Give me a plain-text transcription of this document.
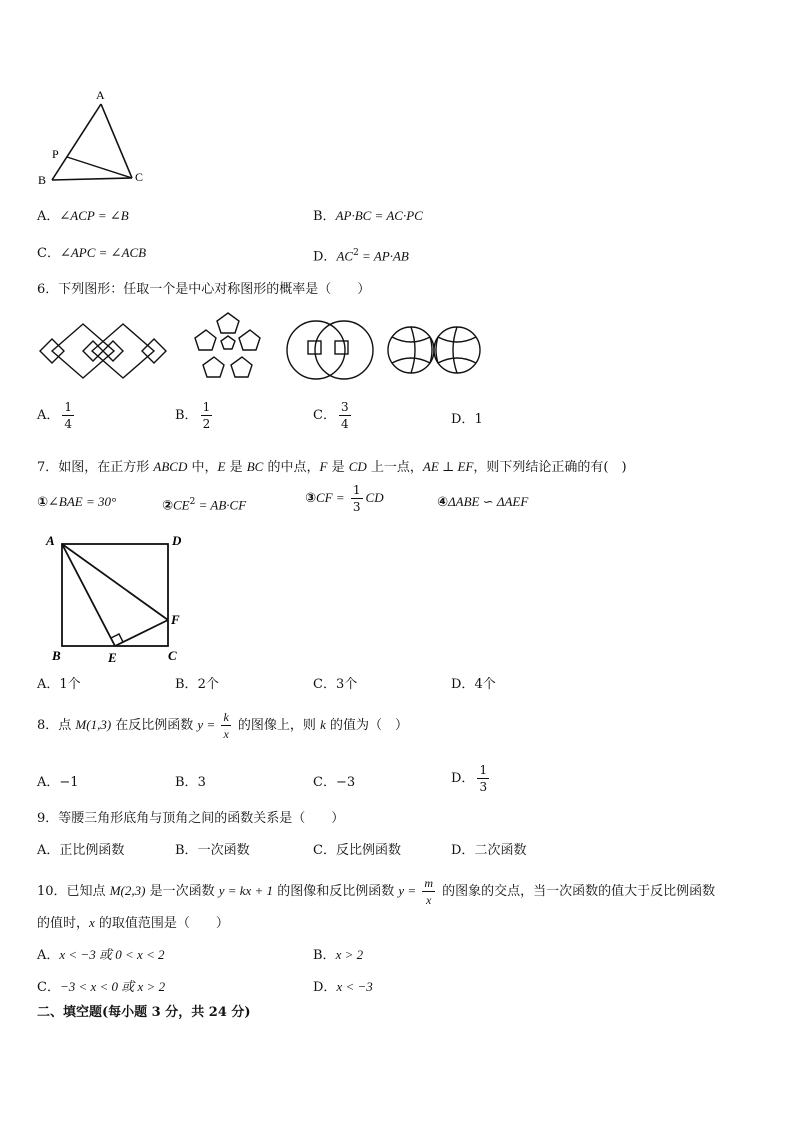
A
P
B	C
A．∠ACP = ∠B	B．AP·BC = AC·PC
C．∠APC = ∠ACB	D．$AC^2 = AP\cdot AB$
6．下列图形：任取一个是中心对称图形的概率是（　　）
A． $\frac{1}{4}$	B． $\frac{1}{2}$	C． $\frac{3}{4}$	D．1
7．如图，在正方形 ABCD 中，E 是 BC 的中点，F 是 CD 上一点，AE ⊥ EF，则下列结论正确的有(　)
①∠BAE = 30°	$②CE^2 = AB\cdot CF$	③CF = $\frac{1}{3}$ CD	④ΔABE ∽ ΔAEF
A	D
F
B	E	C
A．1个	B．2个	C．3个	D．4个
8．点 M(1,3) 在反比例函数 $y = \frac{k}{x}$ 的图像上，则 k 的值为（　）
A．−1	B．3	C．−3	D． $\frac{1}{3}$
9．等腰三角形底角与顶角之间的函数关系是（　　）
A．正比例函数	B．一次函数	C．反比例函数	D．二次函数
10．已知点 M(2,3) 是一次函数 y = kx + 1 的图像和反比例函数 $y = \frac{m}{x}$ 的图象的交点，当一次函数的值大于反比例函数
的值时，x 的取值范围是（　　）
A．x < −3 或 0 < x < 2	B．x > 2
C．−3 < x < 0 或 x > 2	D．x < −3
二、填空题(每小题 3 分，共 24 分)
